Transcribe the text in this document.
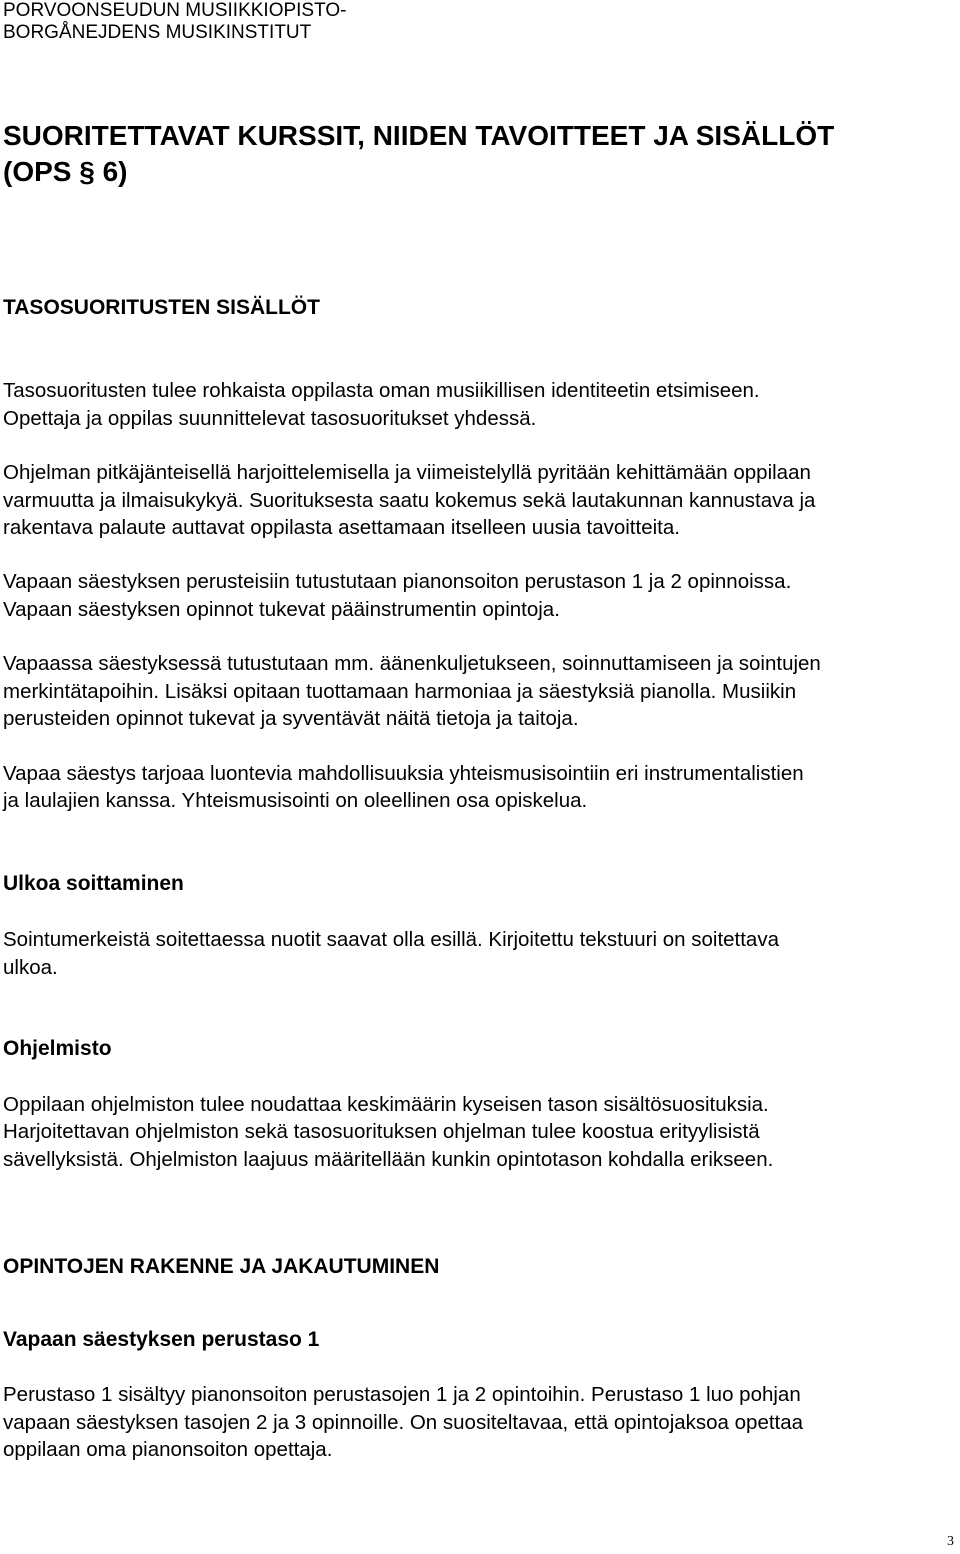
PORVOONSEUDUN MUSIIKKIOPISTO-
BORGÅNEJDENS MUSIKINSTITUT
SUORITETTAVAT KURSSIT, NIIDEN TAVOITTEET JA SISÄLLÖT
(OPS § 6)
TASOSUORITUSTEN SISÄLLÖT
Tasosuoritusten tulee rohkaista oppilasta oman musiikillisen identiteetin etsimiseen.
Opettaja ja oppilas suunnittelevat tasosuoritukset yhdessä.
Ohjelman pitkäjänteisellä harjoittelemisella ja viimeistelyllä pyritään kehittämään oppilaan
varmuutta ja ilmaisukykyä. Suorituksesta saatu kokemus sekä lautakunnan kannustava ja
rakentava palaute auttavat oppilasta asettamaan itselleen uusia tavoitteita.
Vapaan säestyksen perusteisiin tutustutaan pianonsoiton perustason 1 ja 2 opinnoissa.
Vapaan säestyksen opinnot tukevat pääinstrumentin opintoja.
Vapaassa säestyksessä tutustutaan mm. äänenkuljetukseen, soinnuttamiseen ja sointujen
merkintätapoihin. Lisäksi opitaan tuottamaan harmoniaa ja säestyksiä pianolla. Musiikin
perusteiden opinnot tukevat ja syventävät näitä tietoja ja taitoja.
Vapaa säestys tarjoaa luontevia mahdollisuuksia yhteismusisointiin eri instrumentalistien
ja laulajien kanssa. Yhteismusisointi on oleellinen osa opiskelua.
Ulkoa soittaminen
Sointumerkeistä soitettaessa nuotit saavat olla esillä. Kirjoitettu tekstuuri on soitettava
ulkoa.
Ohjelmisto
Oppilaan ohjelmiston tulee noudattaa keskimäärin kyseisen tason sisältösuosituksia.
Harjoitettavan ohjelmiston sekä tasosuorituksen ohjelman tulee koostua erityylisistä
sävellyksistä. Ohjelmiston laajuus määritellään kunkin opintotason kohdalla erikseen.
OPINTOJEN RAKENNE JA JAKAUTUMINEN
Vapaan säestyksen perustaso 1
Perustaso 1 sisältyy pianonsoiton perustasojen 1 ja 2 opintoihin. Perustaso 1 luo pohjan
vapaan säestyksen tasojen 2 ja 3 opinnoille. On suositeltavaa, että opintojaksoa opettaa
oppilaan oma pianonsoiton opettaja.
3
